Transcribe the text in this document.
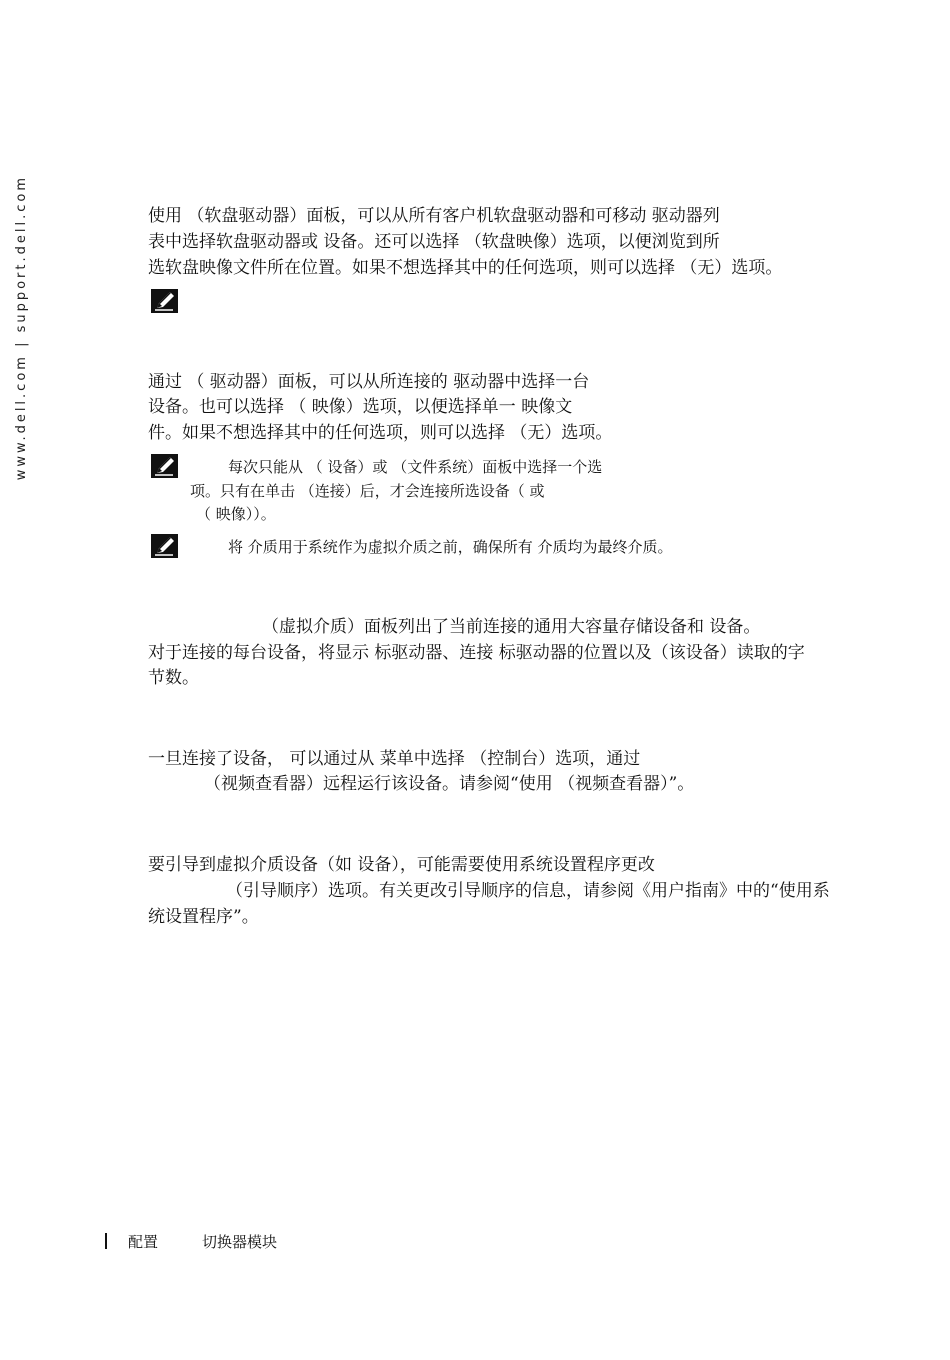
www.dell.com | support.dell.com	使用 （软盘驱动器）面板，可以从所有客户机软盘驱动器和可移动 驱动器列
表中选择软盘驱动器或 设备。还可以选择 （软盘映像）选项，以便浏览到所
选软盘映像文件所在位置。如果不想选择其中的任何选项，则可以选择 （无）选项。
通过 （ 驱动器）面板，可以从所连接的 驱动器中选择一台
设备。也可以选择 （ 映像）选项，以便选择单一 映像文
件。如果不想选择其中的任何选项，则可以选择 （无）选项。
每次只能从 （ 设备）或 （文件系统）面板中选择一个选
项。只有在单击 （连接）后，才会连接所选设备（ 或
（ 映像））。
将 介质用于系统作为虚拟介质之前，确保所有 介质均为最终介质。
（虚拟介质）面板列出了当前连接的通用大容量存储设备和 设备。
对于连接的每台设备，将显示 标驱动器、连接 标驱动器的位置以及（该设备）读取的字
节数。
一旦连接了设备， 可以通过从 菜单中选择 （控制台）选项，通过
（视频查看器）远程运行该设备。请参阅“使用 （视频查看器）”。
要引导到虚拟介质设备（如 设备），可能需要使用系统设置程序更改
（引导顺序）选项。有关更改引导顺序的信息，请参阅《用户指南》中的“使用系
统设置程序”。
配置	切换器模块
